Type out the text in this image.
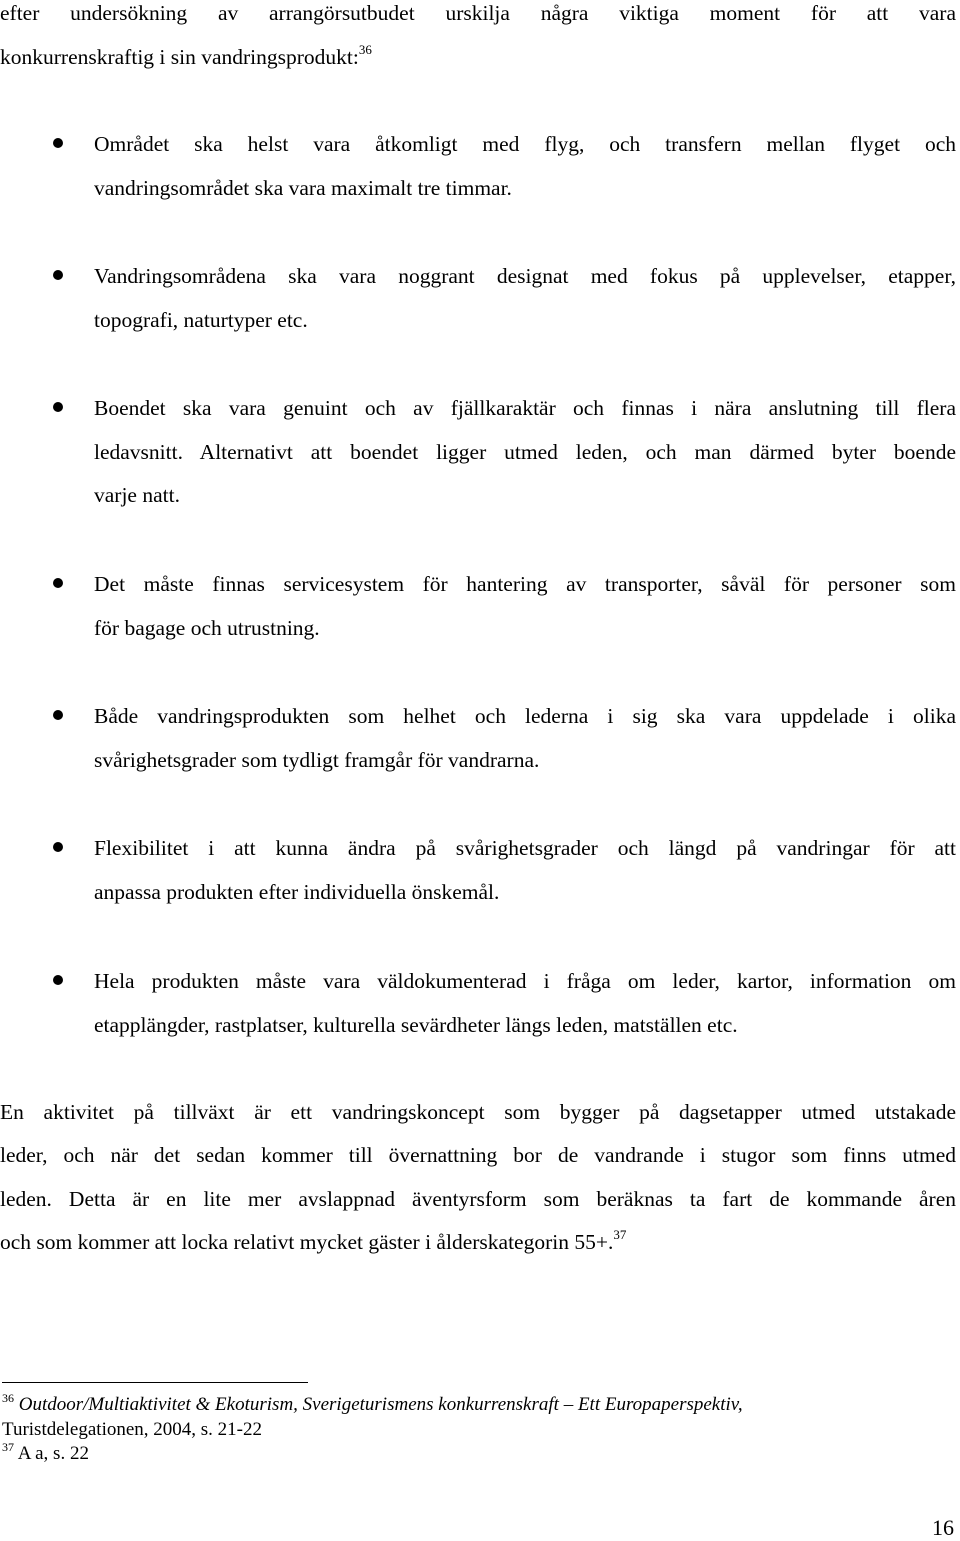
efter undersökning av arrangörsutbudet urskilja några viktiga moment för att vara
konkurrenskraftig i sin vandringsprodukt:$^{36}$
Området ska helst vara åtkomligt med flyg, och transfern mellan flyget och
vandringsområdet ska vara maximalt tre timmar.
Vandringsområdena ska vara noggrant designat med fokus på upplevelser, etapper,
topografi, naturtyper etc.
Boendet ska vara genuint och av fjällkaraktär och finnas i nära anslutning till flera
ledavsnitt. Alternativt att boendet ligger utmed leden, och man därmed byter boende
varje natt.
Det måste finnas servicesystem för hantering av transporter, såväl för personer som
för bagage och utrustning.
Både vandringsprodukten som helhet och lederna i sig ska vara uppdelade i olika
svårighetsgrader som tydligt framgår för vandrarna.
Flexibilitet i att kunna ändra på svårighetsgrader och längd på vandringar för att
anpassa produkten efter individuella önskemål.
Hela produkten måste vara väldokumenterad i fråga om leder, kartor, information om
etapplängder, rastplatser, kulturella sevärdheter längs leden, matställen etc.
En aktivitet på tillväxt är ett vandringskoncept som bygger på dagsetapper utmed utstakade
leder, och när det sedan kommer till övernattning bor de vandrande i stugor som finns utmed
leden. Detta är en lite mer avslappnad äventyrsform som beräknas ta fart de kommande åren
och som kommer att locka relativt mycket gäster i ålderskategorin 55+.$^{37}$
$^{36}$ Outdoor/Multiaktivitet & Ekoturism, Sverigeturismens konkurrenskraft – Ett Europaperspektiv,
Turistdelegationen, 2004, s. 21-22
$^{37}$ A a, s. 22
16
